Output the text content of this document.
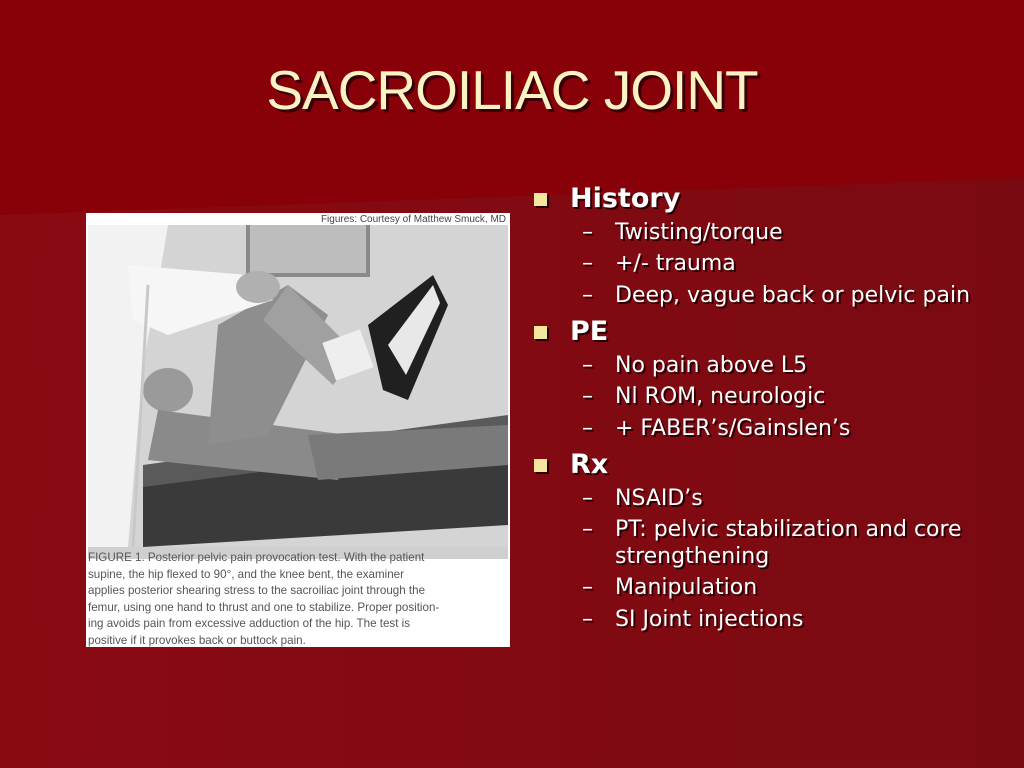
SACROILIAC JOINT
Figures: Courtesy of Matthew Smuck, MD
FIGURE 1. Posterior pelvic pain provocation test. With the patient
supine, the hip flexed to 90°, and the knee bent, the examiner
applies posterior shearing stress to the sacroiliac joint through the
femur, using one hand to thrust and one to stabilize. Proper position-
ing avoids pain from excessive adduction of the hip. The test is
positive if it provokes back or buttock pain.
History
– Twisting/torque
– +/- trauma
– Deep, vague back or pelvic pain
PE
– No pain above L5
– Nl ROM, neurologic
– + FABER’s/Gainslen’s
Rx
– NSAID’s
– PT: pelvic stabilization and core strengthening
– Manipulation
– SI Joint injections
